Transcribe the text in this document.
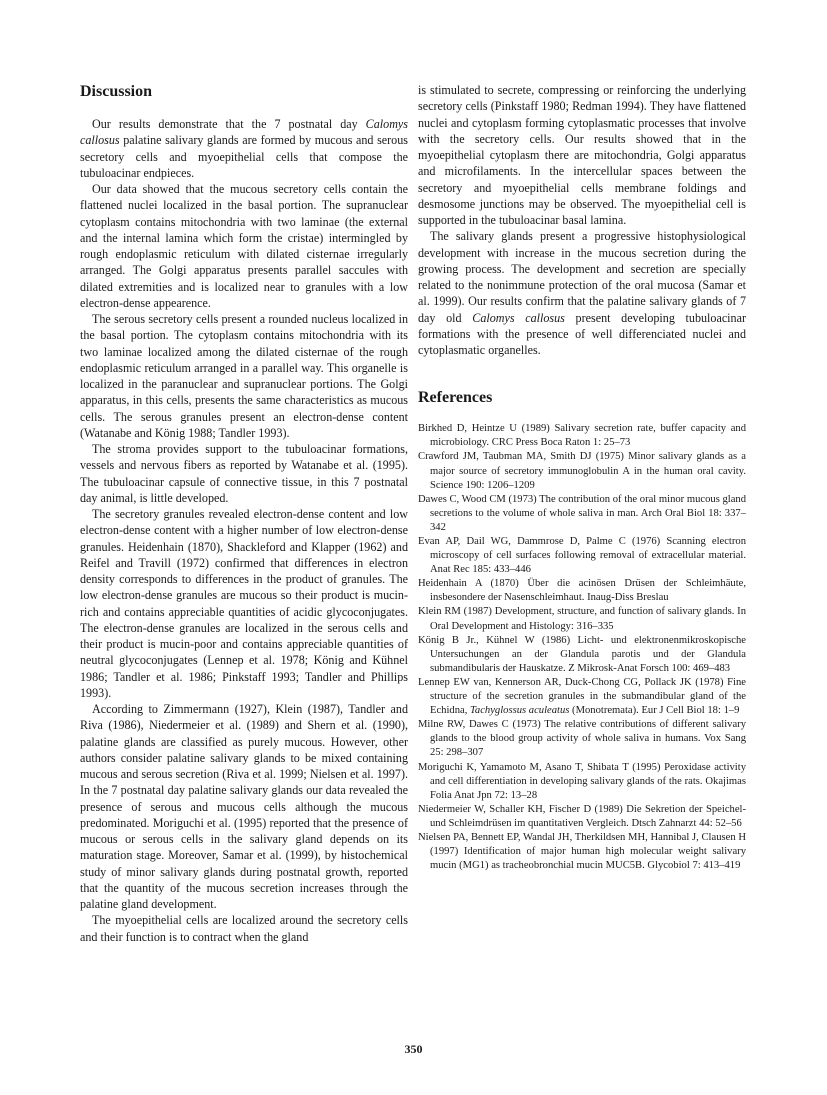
Discussion

Our results demonstrate that the 7 postnatal day Calomys callosus palatine salivary glands are formed by mucous and serous secretory cells and myoepithelial cells that compose the tubuloacinar endpieces.

Our data showed that the mucous secretory cells contain the flattened nuclei localized in the basal portion. The supranuclear cytoplasm contains mitochondria with two laminae (the external and the internal lamina which form the cristae) intermingled by rough endoplasmic reticulum with dilated cisternae irregularly arranged. The Golgi apparatus presents parallel saccules with dilated extremities and is localized near to granules with a low electron-dense appearence.

The serous secretory cells present a rounded nucleus localized in the basal portion. The cytoplasm contains mitochondria with its two laminae localized among the dilated cisternae of the rough endoplasmic reticulum arranged in a parallel way. This organelle is localized in the paranuclear and supranuclear portions. The Golgi apparatus, in this cells, presents the same characteristics as mucous cells. The serous granules present an electron-dense content (Watanabe and König 1988; Tandler 1993).

The stroma provides support to the tubuloacinar formations, vessels and nervous fibers as reported by Watanabe et al. (1995). The tubuloacinar capsule of connective tissue, in this 7 postnatal day animal, is little developed.

The secretory granules revealed electron-dense content and low electron-dense content with a higher number of low electron-dense granules. Heidenhain (1870), Shackleford and Klapper (1962) and Reifel and Travill (1972) confirmed that differences in electron density corresponds to differences in the product of granules. The low electron-dense granules are mucous so their product is mucin-rich and contains appreciable quantities of acidic glycoconjugates. The electron-dense granules are localized in the serous cells and their product is mucin-poor and contains appreciable quantities of neutral glycoconjugates (Lennep et al. 1978; König and Kühnel 1986; Tandler et al. 1986; Pinkstaff 1993; Tandler and Phillips 1993).

According to Zimmermann (1927), Klein (1987), Tandler and Riva (1986), Niedermeier et al. (1989) and Shern et al. (1990), palatine glands are classified as purely mucous. However, other authors consider palatine salivary glands to be mixed containing mucous and serous secretion (Riva et al. 1999; Nielsen et al. 1997). In the 7 postnatal day palatine salivary glands our data revealed the presence of serous and mucous cells although the mucous predominated. Moriguchi et al. (1995) reported that the presence of mucous or serous cells in the salivary gland depends on its maturation stage. Moreover, Samar et al. (1999), by histochemical study of minor salivary glands during postnatal growth, reported that the quantity of the mucous secretion increases through the palatine gland development.

The myoepithelial cells are localized around the secretory cells and their function is to contract when the gland

is stimulated to secrete, compressing or reinforcing the underlying secretory cells (Pinkstaff 1980; Redman 1994). They have flattened nuclei and cytoplasm forming cytoplasmatic processes that involve with the secretory cells. Our results showed that in the myoepithelial cytoplasm there are mitochondria, Golgi apparatus and microfilaments. In the intercellular spaces between the secretory and myoepithelial cells membrane foldings and desmosome junctions may be observed. The myoepithelial cell is supported in the tubuloacinar basal lamina.

The salivary glands present a progressive histophysiological development with increase in the mucous secretion during the growing process. The development and secretion are specially related to the nonimmune protection of the oral mucosa (Samar et al. 1999). Our results confirm that the palatine salivary glands of 7 day old Calomys callosus present developing tubuloacinar formations with the presence of well differenciated nuclei and cytoplasmatic organelles.

References
Birkhed D, Heintze U (1989) Salivary secretion rate, buffer capacity and microbiology. CRC Press Boca Raton 1: 25–73
Crawford JM, Taubman MA, Smith DJ (1975) Minor salivary glands as a major source of secretory immunoglobulin A in the human oral cavity. Science 190: 1206–1209
Dawes C, Wood CM (1973) The contribution of the oral minor mucous gland secretions to the volume of whole saliva in man. Arch Oral Biol 18: 337–342
Evan AP, Dail WG, Dammrose D, Palme C (1976) Scanning electron microscopy of cell surfaces following removal of extracellular material. Anat Rec 185: 433–446
Heidenhain A (1870) Über die acinösen Drüsen der Schleimhäute, insbesondere der Nasenschleimhaut. Inaug-Diss Breslau
Klein RM (1987) Development, structure, and function of salivary glands. In Oral Development and Histology: 316–335
König B Jr., Kühnel W (1986) Licht- und elektronenmikroskopische Untersuchungen an der Glandula parotis und der Glandula submandibularis der Hauskatze. Z Mikrosk-Anat Forsch 100: 469–483
Lennep EW van, Kennerson AR, Duck-Chong CG, Pollack JK (1978) Fine structure of the secretion granules in the submandibular gland of the Echidna, Tachyglossus aculeatus (Monotremata). Eur J Cell Biol 18: 1–9
Milne RW, Dawes C (1973) The relative contributions of different salivary glands to the blood group activity of whole saliva in humans. Vox Sang 25: 298–307
Moriguchi K, Yamamoto M, Asano T, Shibata T (1995) Peroxidase activity and cell differentiation in developing salivary glands of the rats. Okajimas Folia Anat Jpn 72: 13–28
Niedermeier W, Schaller KH, Fischer D (1989) Die Sekretion der Speichel- und Schleimdrüsen im quantitativen Vergleich. Dtsch Zahnarzt 44: 52–56
Nielsen PA, Bennett EP, Wandal JH, Therkildsen MH, Hannibal J, Clausen H (1997) Identification of major human high molecular weight salivary mucin (MG1) as tracheobronchial mucin MUC5B. Glycobiol 7: 413–419
350
